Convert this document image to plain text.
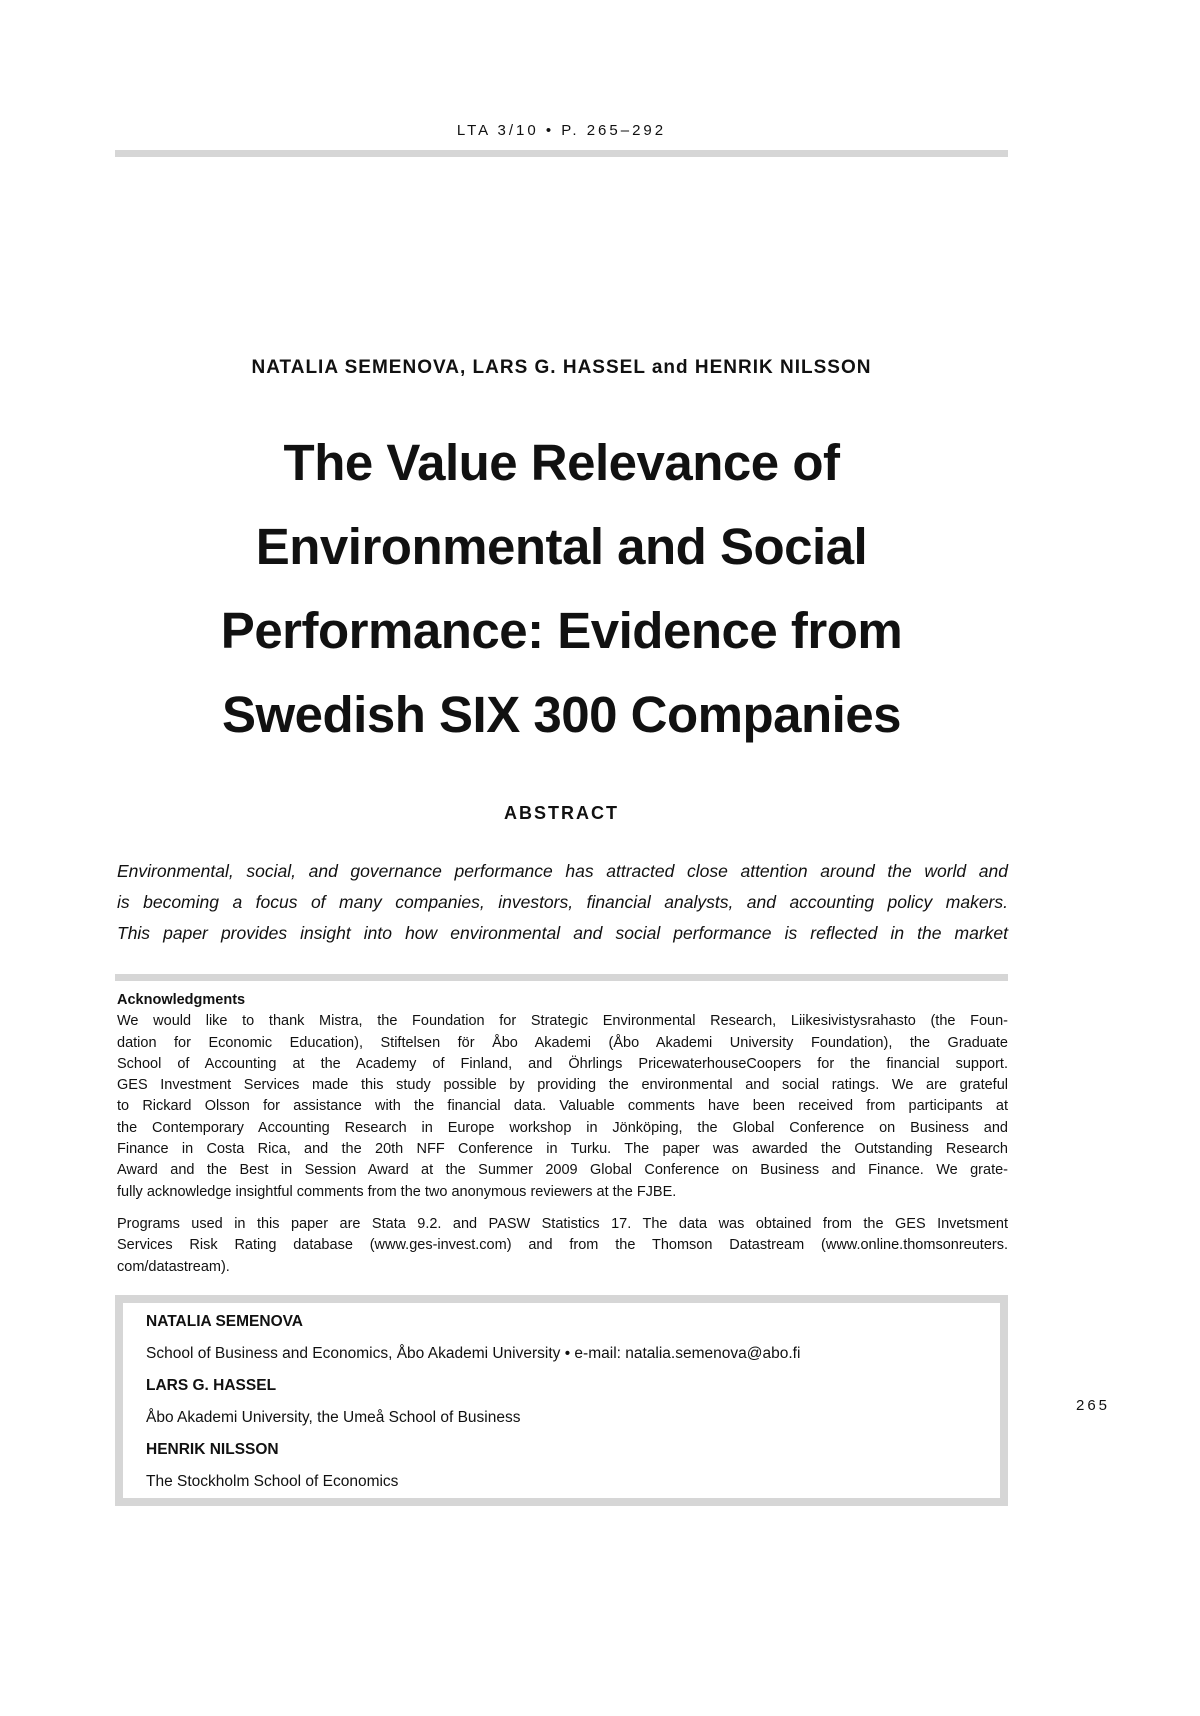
LTA 3/10 • P. 265–292
NATALIA SEMENOVA, LARS G. HASSEL and HENRIK NILSSON
The Value Relevance of
Environmental and Social
Performance: Evidence from
Swedish SIX 300 Companies
ABSTRACT
Environmental, social, and governance performance has attracted close attention around the world and
is becoming a focus of many companies, investors, financial analysts, and accounting policy makers.
This paper provides insight into how environmental and social performance is reflected in the market
Acknowledgments
We would like to thank Mistra, the Foundation for Strategic Environmental Research, Liikesivistysrahasto (the Foun-
dation for Economic Education), Stiftelsen för Åbo Akademi (Åbo Akademi University Foundation), the Graduate
School of Accounting at the Academy of Finland, and Öhrlings PricewaterhouseCoopers for the financial support.
GES Investment Services made this study possible by providing the environmental and social ratings. We are grateful
to Rickard Olsson for assistance with the financial data. Valuable comments have been received from participants at
the Contemporary Accounting Research in Europe workshop in Jönköping, the Global Conference on Business and
Finance in Costa Rica, and the 20th NFF Conference in Turku. The paper was awarded the Outstanding Research
Award and the Best in Session Award at the Summer 2009 Global Conference on Business and Finance. We grate-
fully acknowledge insightful comments from the two anonymous reviewers at the FJBE.
Programs used in this paper are Stata 9.2. and PASW Statistics 17. The data was obtained from the GES Invetsment
Services Risk Rating database (www.ges-invest.com) and from the Thomson Datastream (www.online.thomsonreuters.
com/datastream).
NATALIA SEMENOVA
School of Business and Economics, Åbo Akademi University • e-mail: natalia.semenova@abo.fi
LARS G. HASSEL
Åbo Akademi University, the Umeå School of Business
HENRIK NILSSON
The Stockholm School of Economics
265
